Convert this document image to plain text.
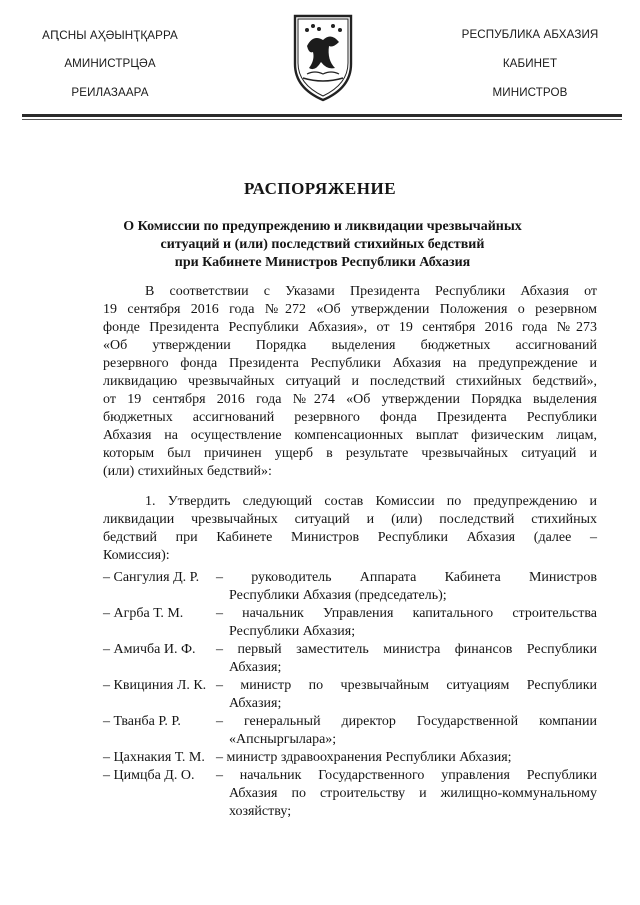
АԤСНЫ АҲӘЫНҬҚАРРА
АМИНИСТРЦӘА
РЕИЛАЗААРА
РЕСПУБЛИКА АБХАЗИЯ
КАБИНЕТ
МИНИСТРОВ
РАСПОРЯЖЕНИЕ
О Комиссии по предупреждению и ликвидации чрезвычайных
ситуаций и (или) последствий стихийных бедствий
при Кабинете Министров Республики Абхазия
В соответствии с Указами Президента Республики Абхазия от
19 сентября 2016 года №272 «Об утверждении Положения о резервном
фонде Президента Республики Абхазия», от 19 сентября 2016 года №273
«Об утверждении Порядка выделения бюджетных ассигнований
резервного фонда Президента Республики Абхазия на предупреждение и
ликвидацию чрезвычайных ситуаций и последствий стихийных бедствий»,
от 19 сентября 2016 года №274 «Об утверждении Порядка выделения
бюджетных ассигнований резервного фонда Президента Республики
Абхазия на осуществление компенсационных выплат физическим лицам,
которым был причинен ущерб в результате чрезвычайных ситуаций и
(или) стихийных бедствий»:
1. Утвердить следующий состав Комиссии по предупреждению и
ликвидации чрезвычайных ситуаций и (или) последствий стихийных
бедствий при Кабинете Министров Республики Абхазия (далее –
Комиссия):
– Сангулия Д. Р. – руководитель Аппарата Кабинета Министров
Республики Абхазия (председатель);
– Агрба Т. М. – начальник Управления капитального строительства
Республики Абхазия;
– Амичба И. Ф. – первый заместитель министра финансов Республики
Абхазия;
– Квициния Л. К. – министр по чрезвычайным ситуациям Республики
Абхазия;
– Тванба Р. Р.	– генеральный директор Государственной компании
«Апсныргылара»;
– Цахнакия Т. М. – министр здравоохранения Республики Абхазия;
– Цимцба Д. О. – начальник Государственного управления Республики
Абхазия по строительству и жилищно-коммунальному
хозяйству;
